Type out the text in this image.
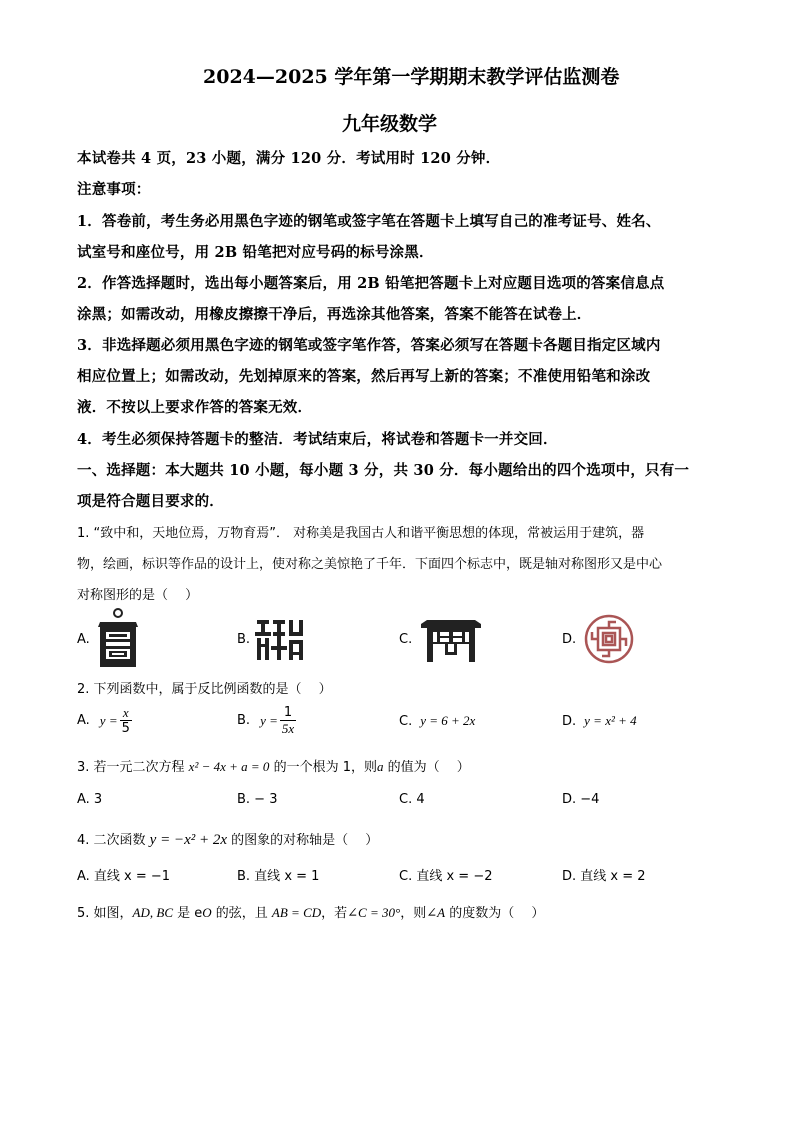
2024—2025 学年第一学期期末教学评估监测卷
九年级数学
本试卷共 4 页，23 小题，满分 120 分．考试用时 120 分钟．
注意事项：
1．答卷前，考生务必用黑色字迹的钢笔或签字笔在答题卡上填写自己的准考证号、姓名、
试室号和座位号，用 2B 铅笔把对应号码的标号涂黑．
2．作答选择题时，选出每小题答案后，用 2B 铅笔把答题卡上对应题目选项的答案信息点
涂黑；如需改动，用橡皮擦擦干净后，再选涂其他答案，答案不能答在试卷上．
3．非选择题必须用黑色字迹的钢笔或签字笔作答，答案必须写在答题卡各题目指定区域内
相应位置上；如需改动，先划掉原来的答案，然后再写上新的答案；不准使用铅笔和涂改
液．不按以上要求作答的答案无效．
4．考生必须保持答题卡的整洁．考试结束后，将试卷和答题卡一并交回．
一、选择题：本大题共 10 小题，每小题 3 分，共 30 分．每小题给出的四个选项中，只有一
项是符合题目要求的．
1. “致中和，天地位焉，万物育焉”． 对称美是我国古人和谐平衡思想的体现，常被运用于建筑，器
物，绘画，标识等作品的设计上，使对称之美惊艳了千年．下面四个标志中，既是轴对称图形又是中心
对称图形的是（　 ）
A.	B.	C.	D.
2. 下列函数中，属于反比例函数的是（　 ）
A. $y = \frac{x}{5}$	B. $y = \frac{1}{5x}$	C. y = 6 + 2x	D. y = x² + 4
3. 若一元二次方程 x² − 4x + a = 0 的一个根为 1，则a 的值为（　 ）
A. 3	B. − 3	C. 4	D. −4
4. 二次函数 y = −x² + 2x 的图象的对称轴是（　 ）
A. 直线 x = −1	B. 直线 x = 1	C. 直线 x = −2	D. 直线 x = 2
5. 如图，AD, BC 是 eO 的弦，且 AB = CD，若∠C = 30°，则∠A 的度数为（　 ）
